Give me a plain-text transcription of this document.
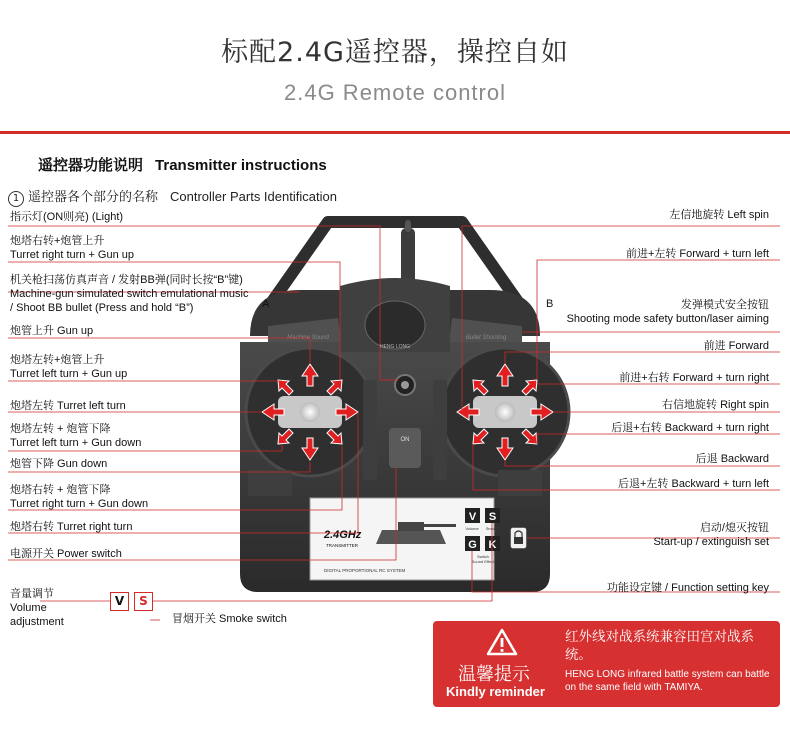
标配2.4G遥控器，操控自如
2.4G Remote control
遥控器功能说明 Transmitter instructions
1 遥控器各个部分的名称 Controller Parts Identification
HENG LONG
ON
2.4GHz
TRANSMITTER
DIGITAL PROPORTIONAL RC SYSTEM
V S
Volume Smoke
G K
Switch
Sound Effect
Machine Sound	Bullet Shooting
A	B
指示灯(ON则亮) (Light)
炮塔右转+炮管上升
Turret right turn + Gun up
机关枪扫荡仿真声音 / 发射BB弹(同时长按“B”键)
Machine-gun simulated switch emulational music
/ Shoot BB bullet (Press and hold “B”)
炮管上升 Gun up
炮塔左转+炮管上升
Turret left turn + Gun up
炮塔左转 Turret left turn
炮塔左转 + 炮管下降
Turret left turn + Gun down
炮管下降 Gun down
炮塔右转 + 炮管下降
Turret right turn + Gun down
炮塔右转 Turret right turn
电源开关 Power switch
音量调节
Volume
adjustment
V	S
冒烟开关 Smoke switch
左信地旋转 Left spin
前进+左转 Forward + turn left
发弹模式安全按钮
Shooting mode safety button/laser aiming
前进 Forward
前进+右转 Forward + turn right
右信地旋转 Right spin
后退+右转 Backward + turn right
后退 Backward
后退+左转 Backward + turn left
启动/熄灭按钮
Start-up / extinguish set
功能设定键 / Function setting key
温馨提示
Kindly reminder
红外线对战系统兼容田宫对战系统。
HENG LONG infrared battle system can battle on the same field with TAMIYA.
